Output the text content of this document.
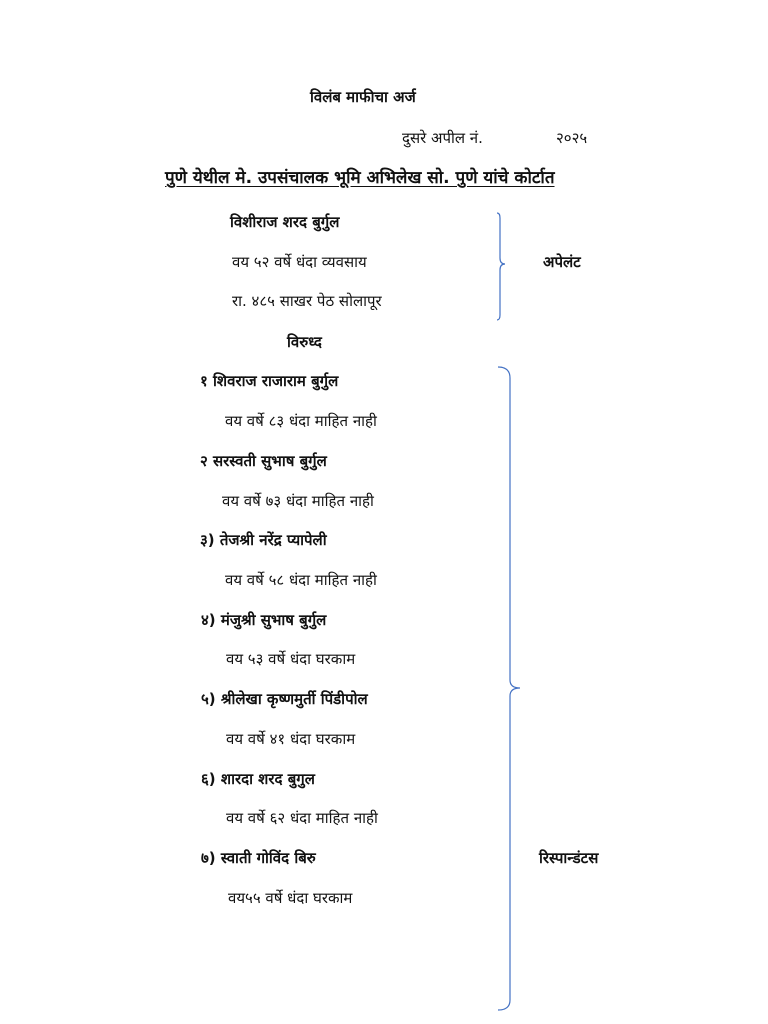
विलंब माफीचा अर्ज
दुसरे अपील नं.	२०२५
पुणे येथील मे. उपसंचालक भूमि अभिलेख सो. पुणे यांचे कोर्टात
विशीराज शरद बुर्गुल
वय ५२ वर्षे धंदा व्यवसाय
रा. ४८५ साखर पेठ सोलापूर
अपेलंट
विरुध्द
१ शिवराज राजाराम बुर्गुल
वय वर्षे ८३ धंदा माहित नाही
२ सरस्वती सुभाष बुर्गुल
वय वर्षे ७३ धंदा माहित नाही
३) तेजश्री नरेंद्र प्यापेली
वय वर्षे ५८ धंदा माहित नाही
४) मंजुश्री सुभाष बुर्गुल
वय ५३ वर्षे धंदा घरकाम
५) श्रीलेखा कृष्णमुर्ती पिंडीपोल
वय वर्षे ४१ धंदा घरकाम
६) शारदा शरद बुगुल
वय वर्षे ६२ धंदा माहित नाही
७) स्वाती गोविंद बिरु
वय५५ वर्षे धंदा घरकाम
रिस्पान्डंटस
